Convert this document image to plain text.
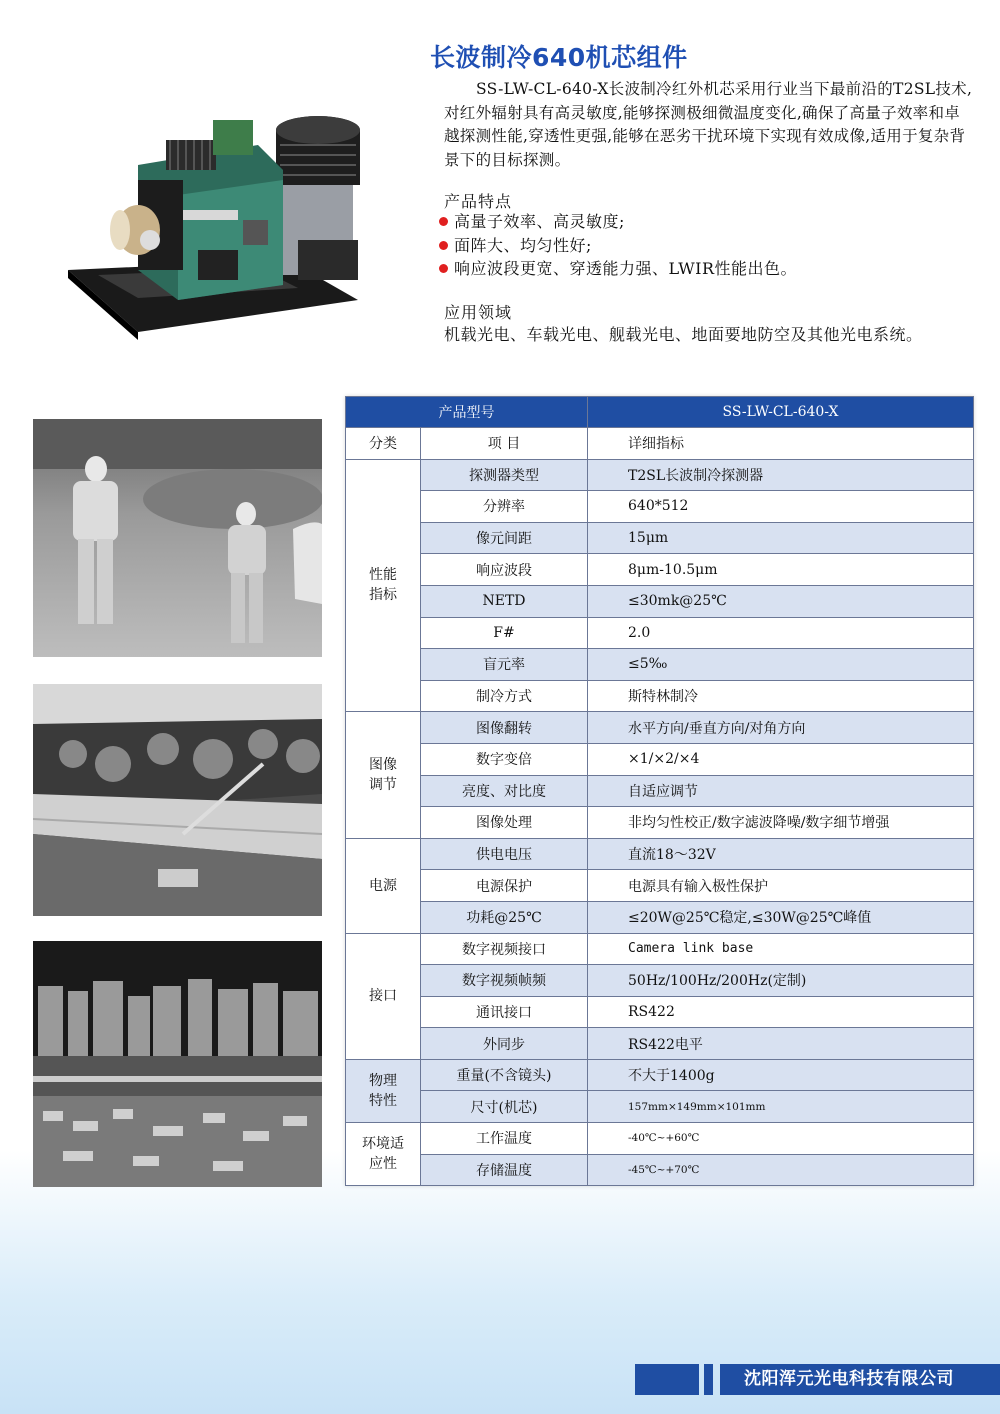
长波制冷640机芯组件

SS-LW-CL-640-X长波制冷红外机芯采用行业当下最前沿的T2SL技术,对红外辐射具有高灵敏度,能够探测极细微温度变化,确保了高量子效率和卓越探测性能,穿透性更强,能够在恶劣干扰环境下实现有效成像,适用于复杂背景下的目标探测。

产品特点
高量子效率、高灵敏度;
面阵大、均匀性好;
响应波段更宽、穿透能力强、LWIR性能出色。
应用领域
机载光电、车载光电、舰载光电、地面要地防空及其他光电系统。
产品型号		SS-LW-CL-640-X
分类	项 目	详细指标
性能指标	探测器类型	T2SL长波制冷探测器
	分辨率	640*512
	像元间距	15μm
	响应波段	8μm-10.5μm
	NETD	≤30mk@25℃
	F#	2.0
	盲元率	≤5‰
	制冷方式	斯特林制冷
图像调节	图像翻转	水平方向/垂直方向/对角方向
	数字变倍	×1/×2/×4
	亮度、对比度	自适应调节
	图像处理	非均匀性校正/数字滤波降噪/数字细节增强
电源	供电电压	直流18～32V
	电源保护	电源具有输入极性保护
	功耗@25℃	≤20W@25℃稳定,≤30W@25℃峰值
接口	数字视频接口	Camera link base
	数字视频帧频	50Hz/100Hz/200Hz(定制)
	通讯接口	RS422
	外同步	RS422电平
物理特性	重量(不含镜头)	不大于1400g
	尺寸(机芯)	157mm×149mm×101mm
环境适应性	工作温度	-40℃~+60℃
	存储温度	-45℃~+70℃
沈阳浑元光电科技有限公司
